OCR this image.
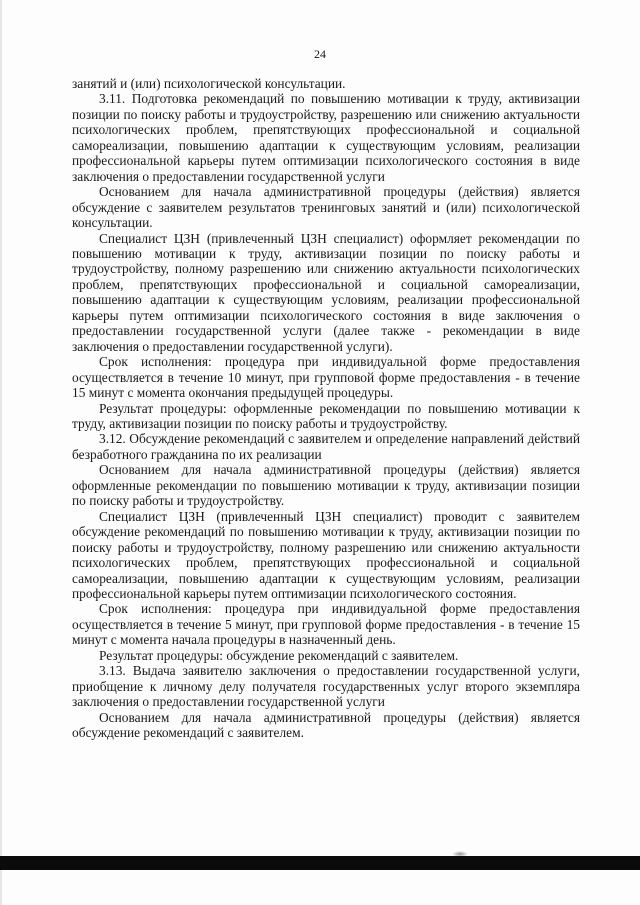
24

занятий и (или) психологической консультации.

3.11. Подготовка рекомендаций по повышению мотивации к труду, активизации позиции по поиску работы и трудоустройству, разрешению или снижению актуальности психологических проблем, препятствующих профессиональной и социальной самореализации, повышению адаптации к существующим условиям, реализации профессиональной карьеры путем оптимизации психологического состояния в виде заключения о предоставлении государственной услуги

Основанием для начала административной процедуры (действия) является обсуждение с заявителем результатов тренинговых занятий и (или) психологической консультации.

Специалист ЦЗН (привлеченный ЦЗН специалист) оформляет рекомендации по повышению мотивации к труду, активизации позиции по поиску работы и трудоустройству, полному разрешению или снижению актуальности психологических проблем, препятствующих профессиональной и социальной самореализации, повышению адаптации к существующим условиям, реализации профессиональной карьеры путем оптимизации психологического состояния в виде заключения о предоставлении государственной услуги (далее также - рекомендации в виде заключения о предоставлении государственной услуги).

Срок исполнения: процедура при индивидуальной форме предоставления осуществляется в течение 10 минут, при групповой форме предоставления - в течение 15 минут с момента окончания предыдущей процедуры.

Результат процедуры: оформленные рекомендации по повышению мотивации к труду, активизации позиции по поиску работы и трудоустройству.

3.12. Обсуждение рекомендаций с заявителем и определение направлений действий безработного гражданина по их реализации

Основанием для начала административной процедуры (действия) является оформленные рекомендации по повышению мотивации к труду, активизации позиции по поиску работы и трудоустройству.

Специалист ЦЗН (привлеченный ЦЗН специалист) проводит с заявителем обсуждение рекомендаций по повышению мотивации к труду, активизации позиции по поиску работы и трудоустройству, полному разрешению или снижению актуальности психологических проблем, препятствующих профессиональной и социальной самореализации, повышению адаптации к существующим условиям, реализации профессиональной карьеры путем оптимизации психологического состояния.

Срок исполнения: процедура при индивидуальной форме предоставления осуществляется в течение 5 минут, при групповой форме предоставления - в течение 15 минут с момента начала процедуры в назначенный день.

Результат процедуры: обсуждение рекомендаций с заявителем.

3.13. Выдача заявителю заключения о предоставлении государственной услуги, приобщение к личному делу получателя государственных услуг второго экземпляра заключения о предоставлении государственной услуги

Основанием для начала административной процедуры (действия) является обсуждение рекомендаций с заявителем.
